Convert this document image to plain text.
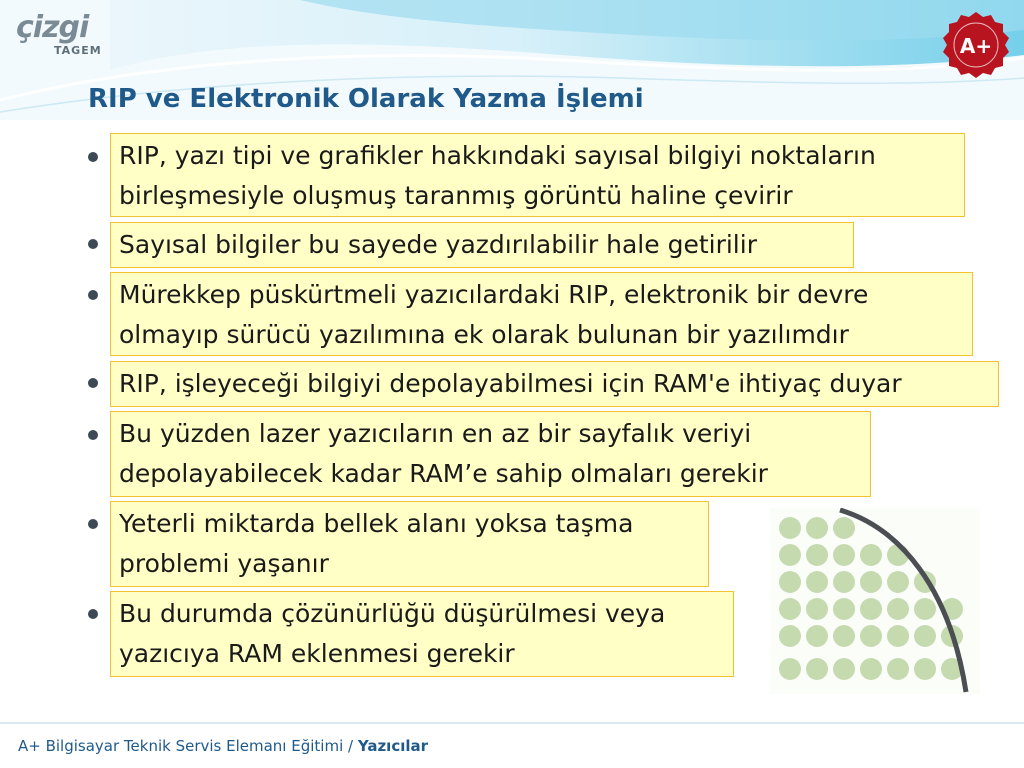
çizgi
TAGEM	A+
RIP ve Elektronik Olarak Yazma İşlemi
RIP, yazı tipi ve grafikler hakkındaki sayısal bilgiyi noktaların
birleşmesiyle oluşmuş taranmış görüntü haline çevirir
Sayısal bilgiler bu sayede yazdırılabilir hale getirilir
Mürekkep püskürtmeli yazıcılardaki RIP, elektronik bir devre
olmayıp sürücü yazılımına ek olarak bulunan bir yazılımdır
RIP, işleyeceği bilgiyi depolayabilmesi için RAM'e ihtiyaç duyar
Bu yüzden lazer yazıcıların en az bir sayfalık veriyi
depolayabilecek kadar RAM’e sahip olmaları gerekir
Yeterli miktarda bellek alanı yoksa taşma
problemi yaşanır
Bu durumda çözünürlüğü düşürülmesi veya
yazıcıya RAM eklenmesi gerekir
A+ Bilgisayar Teknik Servis Elemanı Eğitimi / Yazıcılar
